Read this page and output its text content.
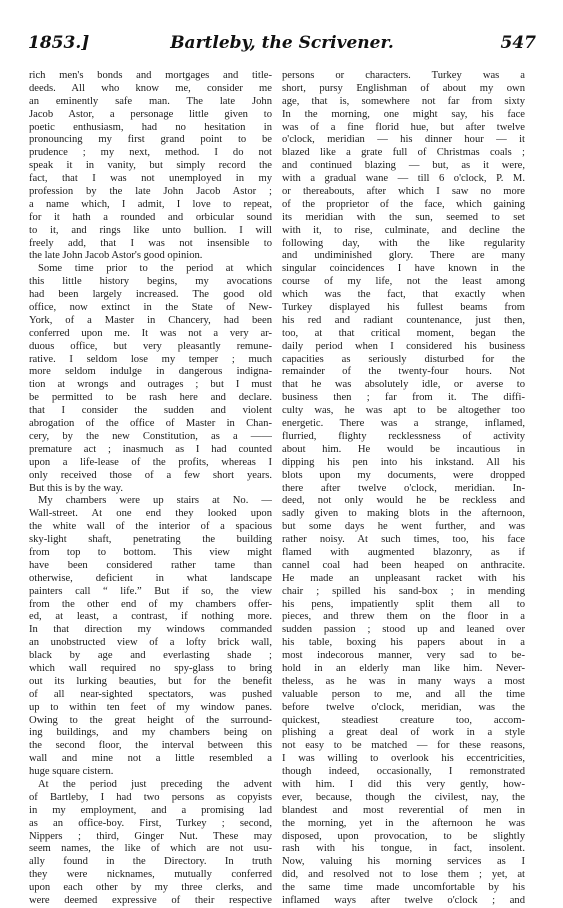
1853.]	Bartleby, the Scrivener.	547
rich men's bonds and mortgages and title-
deeds. All who know me, consider me
an eminently safe man. The late John
Jacob Astor, a personage little given to
poetic enthusiasm, had no hesitation in
pronouncing my first grand point to be
prudence ; my next, method. I do not
speak it in vanity, but simply record the
fact, that I was not unemployed in my
profession by the late John Jacob Astor ;
a name which, I admit, I love to repeat,
for it hath a rounded and orbicular sound
to it, and rings like unto bullion. I will
freely add, that I was not insensible to
the late John Jacob Astor's good opinion.
Some time prior to the period at which
this little history begins, my avocations
had been largely increased. The good old
office, now extinct in the State of New-
York, of a Master in Chancery, had been
conferred upon me. It was not a very ar-
duous office, but very pleasantly remune-
rative. I seldom lose my temper ; much
more seldom indulge in dangerous indigna-
tion at wrongs and outrages ; but I must
be permitted to be rash here and declare.
that I consider the sudden and violent
abrogation of the office of Master in Chan-
cery, by the new Constitution, as a ——
premature act ; inasmuch as I had counted
upon a life-lease of the profits, whereas I
only received those of a few short years.
But this is by the way.
My chambers were up stairs at No. —
Wall-street. At one end they looked upon
the white wall of the interior of a spacious
sky-light shaft, penetrating the building
from top to bottom. This view might
have been considered rather tame than
otherwise, deficient in what landscape
painters call “ life.” But if so, the view
from the other end of my chambers offer-
ed, at least, a contrast, if nothing more.
In that direction my windows commanded
an unobstructed view of a lofty brick wall,
black by age and everlasting shade ;
which wall required no spy-glass to bring
out its lurking beauties, but for the benefit
of all near-sighted spectators, was pushed
up to within ten feet of my window panes.
Owing to the great height of the surround-
ing buildings, and my chambers being on
the second floor, the interval between this
wall and mine not a little resembled a
huge square cistern.
At the period just preceding the advent
of Bartleby, I had two persons as copyists
in my employment, and a promising lad
as an office-boy. First, Turkey ; second,
Nippers ; third, Ginger Nut. These may
seem names, the like of which are not usu-
ally found in the Directory. In truth
they were nicknames, mutually conferred
upon each other by my three clerks, and
were deemed expressive of their respective
persons or characters. Turkey was a
short, pursy Englishman of about my own
age, that is, somewhere not far from sixty
In the morning, one might say, his face
was of a fine florid hue, but after twelve
o'clock, meridian — his dinner hour — it
blazed like a grate full of Christmas coals ;
and continued blazing — but, as it were,
with a gradual wane — till 6 o'clock, P. M.
or thereabouts, after which I saw no more
of the proprietor of the face, which gaining
its meridian with the sun, seemed to set
with it, to rise, culminate, and decline the
following day, with the like regularity
and undiminished glory. There are many
singular coincidences I have known in the
course of my life, not the least among
which was the fact, that exactly when
Turkey displayed his fullest beams from
his red and radiant countenance, just then,
too, at that critical moment, began the
daily period when I considered his business
capacities as seriously disturbed for the
remainder of the twenty-four hours. Not
that he was absolutely idle, or averse to
business then ; far from it. The diffi-
culty was, he was apt to be altogether too
energetic. There was a strange, inflamed,
flurried, flighty recklessness of activity
about him. He would be incautious in
dipping his pen into his inkstand. All his
blots upon my documents, were dropped
there after twelve o'clock, meridian. In-
deed, not only would he be reckless and
sadly given to making blots in the afternoon,
but some days he went further, and was
rather noisy. At such times, too, his face
flamed with augmented blazonry, as if
cannel coal had been heaped on anthracite.
He made an unpleasant racket with his
chair ; spilled his sand-box ; in mending
his pens, impatiently split them all to
pieces, and threw them on the floor in a
sudden passion ; stood up and leaned over
his table, boxing his papers about in a
most indecorous manner, very sad to be-
hold in an elderly man like him. Never-
theless, as he was in many ways a most
valuable person to me, and all the time
before twelve o'clock, meridian, was the
quickest, steadiest creature too, accom-
plishing a great deal of work in a style
not easy to be matched — for these reasons,
I was willing to overlook his eccentricities,
though indeed, occasionally, I remonstrated
with him. I did this very gently, how-
ever, because, though the civilest, nay, the
blandest and most reverential of men in
the morning, yet in the afternoon he was
disposed, upon provocation, to be slightly
rash with his tongue, in fact, insolent.
Now, valuing his morning services as I
did, and resolved not to lose them ; yet, at
the same time made uncomfortable by his
inflamed ways after twelve o'clock ; and
